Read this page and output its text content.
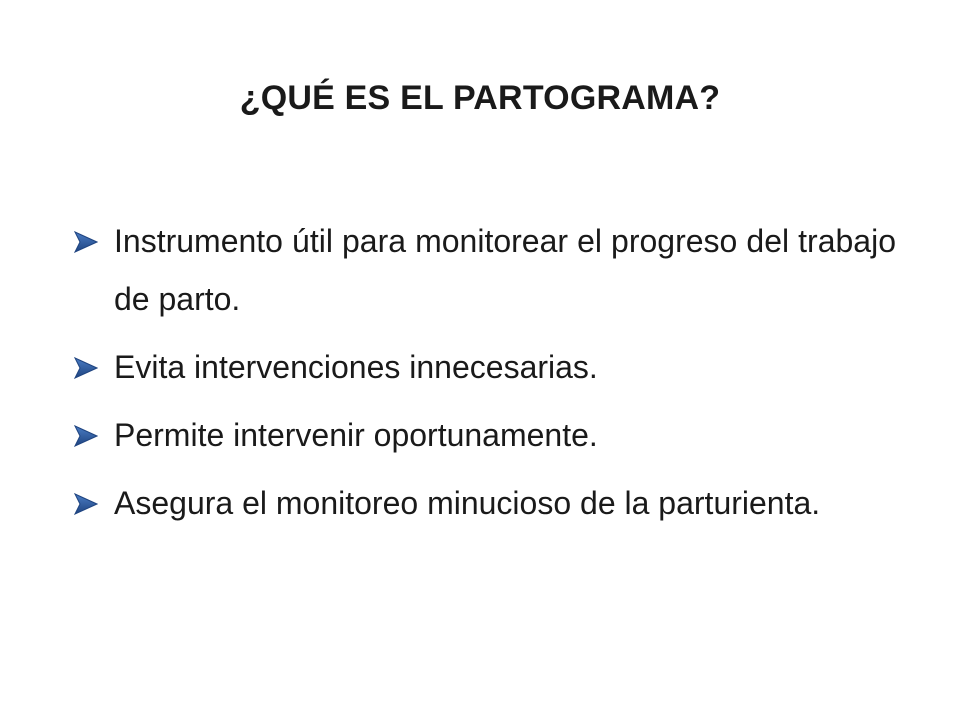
¿QUÉ ES EL PARTOGRAMA?
Instrumento útil para monitorear el progreso del trabajo de parto.
Evita intervenciones innecesarias.
Permite intervenir oportunamente.
Asegura el monitoreo minucioso de la parturienta.
